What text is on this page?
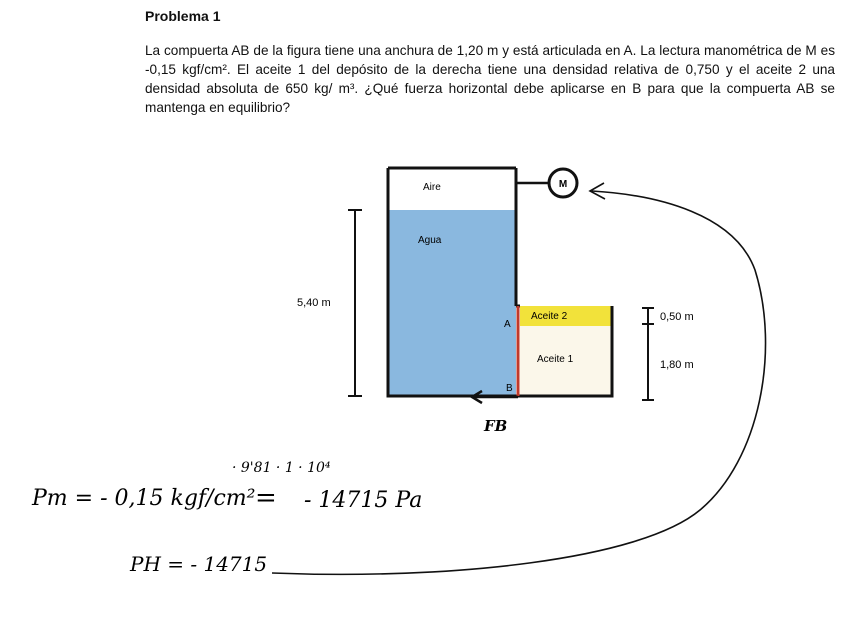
Problema 1
La compuerta AB de la figura tiene una anchura de 1,20 m y está articulada en A. La lectura manométrica de M es -0,15 kgf/cm². El aceite 1 del depósito de la derecha tiene una densidad relativa de 0,750 y el aceite 2 una densidad absoluta de 650 kg/ m³. ¿Qué fuerza horizontal debe aplicarse en B para que la compuerta AB se mantenga en equilibrio?
M
Aire
Agua
Aceite 2
Aceite 1
A
B
5,40 m
0,50 m
1,80 m
FB
· 9'81 · 1 · 10⁴
Pm = - 0,15 kgf/cm² = - 14715 Pa
PH = - 14715
